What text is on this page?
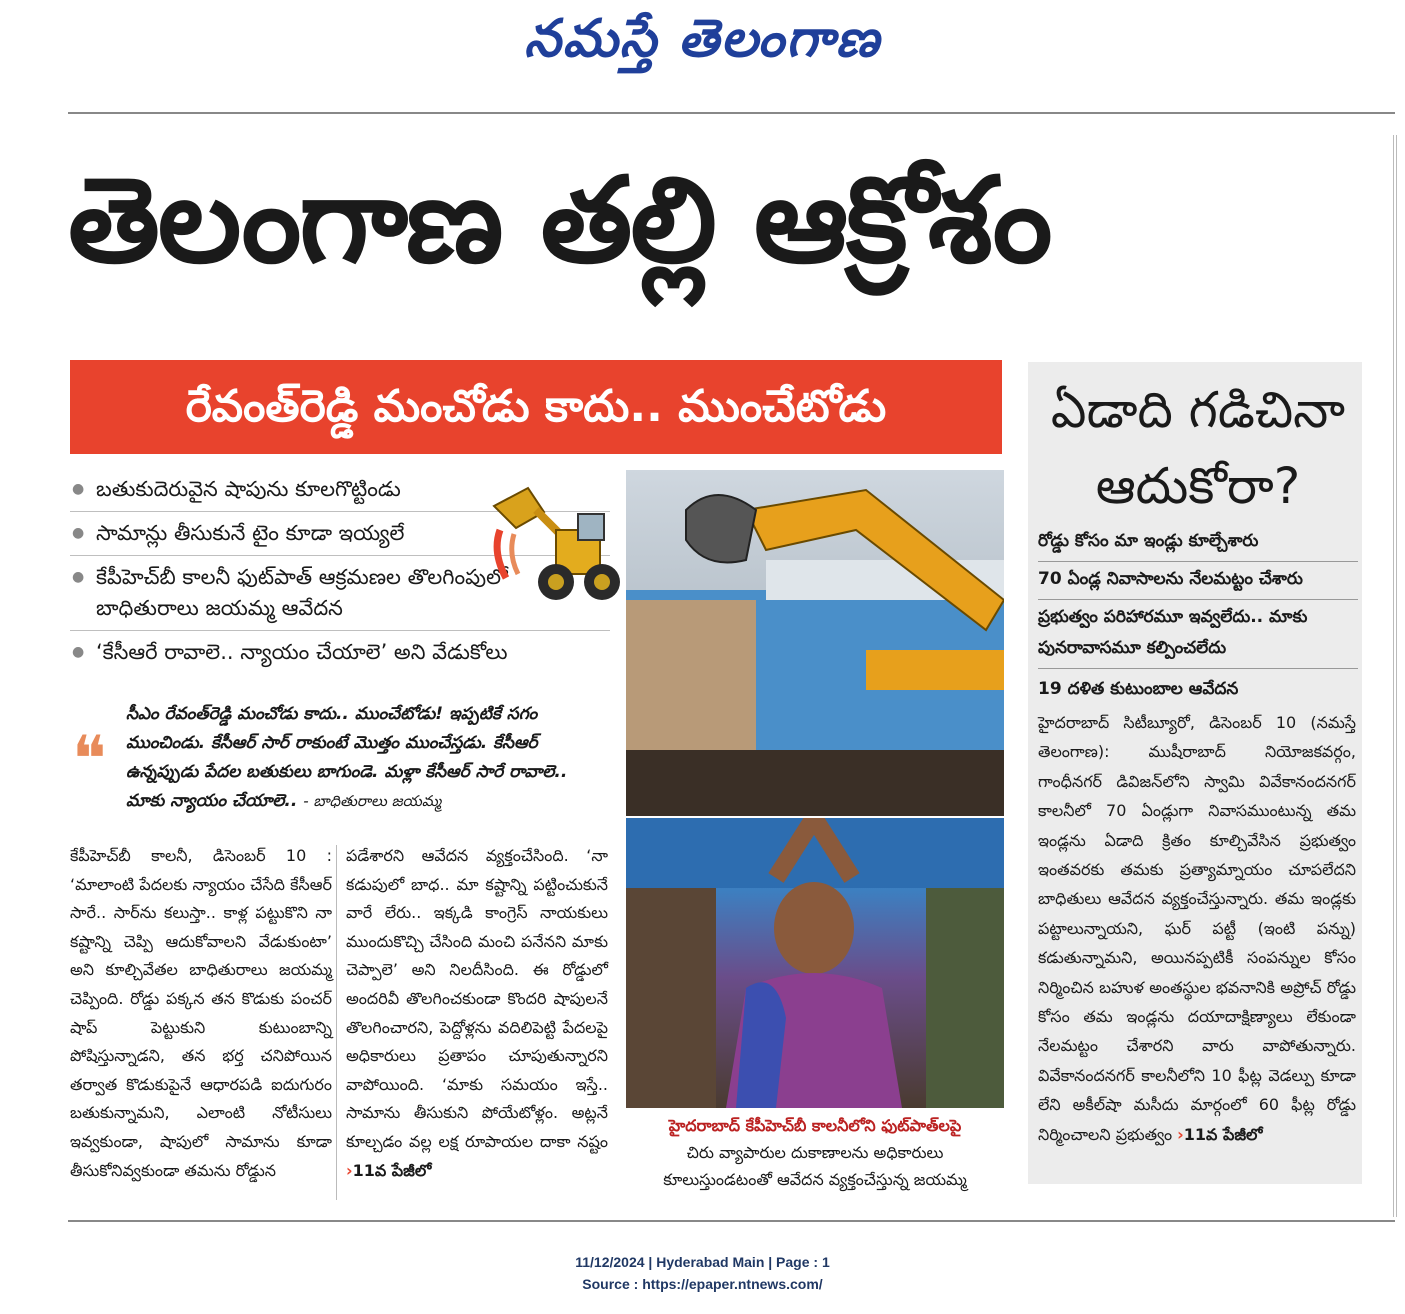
నమస్తే తెలంగాణ
తెలంగాణ తల్లి ఆక్రోశం
రేవంత్‌రెడ్డి మంచోడు కాదు.. ముంచేటోడు
● బతుకుదెరువైన షాపును కూలగొట్టిండు
● సామాన్లు తీసుకునే టైం కూడా ఇయ్యలే
● కేపీహెచ్‌బీ కాలనీ ఫుట్‌పాత్ ఆక్రమణల తొలగింపులో బాధితురాలు జయమ్మ ఆవేదన
● ‘కేసీఆరే రావాలె.. న్యాయం చేయాలె’ అని వేడుకోలు
❝
సీఎం రేవంత్‌రెడ్డి మంచోడు కాదు.. ముంచేటోడు! ఇప్పటికే సగం ముంచిండు. కేసీఆర్ సార్ రాకుంటే మొత్తం ముంచేస్తడు. కేసీఆర్ ఉన్నప్పుడు పేదల బతుకులు బాగుండె. మళ్లా కేసీఆర్ సారే రావాలె.. మాకు న్యాయం చేయాలె.. - బాధితురాలు జయమ్మ
హైదరాబాద్ కేపీహెచ్‌బీ కాలనీలోని ఫుట్‌పాత్‌లపై
చిరు వ్యాపారుల దుకాణాలను అధికారులు
కూలుస్తుండటంతో ఆవేదన వ్యక్తంచేస్తున్న జయమ్మ
కేపీహెచ్‌బీ కాలనీ, డిసెంబర్ 10 : ‘మాలాంటి పేదలకు న్యాయం చేసేది కేసీఆర్ సారే.. సార్‌ను కలుస్తా.. కాళ్ల పట్టుకొని నా కష్టాన్ని చెప్పి ఆదుకోవాలని వేడుకుంటా’ అని కూల్చివేతల బాధితురాలు జయమ్మ చెప్పింది. రోడ్డు పక్కన తన కొడుకు పంచర్ షాప్ పెట్టుకుని కుటుంబాన్ని పోషిస్తున్నాడని, తన భర్త చనిపోయిన తర్వాత కొడుకుపైనే ఆధారపడి ఐదుగురం బతుకున్నామని, ఎలాంటి నోటీసులు ఇవ్వకుండా, షాపులో సామాను కూడా తీసుకోనివ్వకుండా తమను రోడ్డున
పడేశారని ఆవేదన వ్యక్తంచేసింది. ‘నా కడుపులో బాధ.. మా కష్టాన్ని పట్టించుకునే వారే లేరు.. ఇక్కడి కాంగ్రెస్ నాయకులు ముందుకొచ్చి చేసింది మంచి పనేనని మాకు చెప్పాలె’ అని నిలదీసింది. ఈ రోడ్డులో అందరివీ తొలగించకుండా కొందరి షాపులనే తొలగించారని, పెద్దోళ్లను వదిలిపెట్టి పేదలపై అధికారులు ప్రతాపం చూపుతున్నారని వాపోయింది. ‘మాకు సమయం ఇస్తే.. సామాను తీసుకుని పోయేటోళ్లం. అట్లనే కూల్చడం వల్ల లక్ష రూపాయల దాకా నష్టం ›11వ పేజీలో
ఏడాది గడిచినా
ఆదుకోరా?
రోడ్డు కోసం మా ఇండ్లు కూల్చేశారు
70 ఏండ్ల నివాసాలను నేలమట్టం చేశారు
ప్రభుత్వం పరిహారమూ ఇవ్వలేదు.. మాకు పునరావాసమూ కల్పించలేదు
19 దళిత కుటుంబాల ఆవేదన
హైదరాబాద్ సిటీబ్యూరో, డిసెంబర్ 10 (నమస్తే తెలంగాణ): ముషీరాబాద్ నియోజకవర్గం, గాంధీనగర్ డివిజన్‌లోని స్వామి వివేకానందనగర్ కాలనీలో 70 ఏండ్లుగా నివాసముంటున్న తమ ఇండ్లను ఏడాది క్రితం కూల్చివేసిన ప్రభుత్వం ఇంతవరకు తమకు ప్రత్యామ్నాయం చూపలేదని బాధితులు ఆవేదన వ్యక్తంచేస్తున్నారు. తమ ఇండ్లకు పట్టాలున్నాయని, ఘర్ పట్టీ (ఇంటి పన్ను) కడుతున్నామని, అయినప్పటికీ సంపన్నుల కోసం నిర్మించిన బహుళ అంతస్థుల భవనానికి అప్రోచ్ రోడ్డు కోసం తమ ఇండ్లను దయాదాక్షిణ్యాలు లేకుండా నేలమట్టం చేశారని వారు వాపోతున్నారు. వివేకానందనగర్ కాలనీలోని 10 ఫీట్ల వెడల్పు కూడా లేని అకీల్‌షా మసీదు మార్గంలో 60 ఫీట్ల రోడ్డు నిర్మించాలని ప్రభుత్వం ›11వ పేజీలో
11/12/2024 | Hyderabad Main | Page : 1
Source : https://epaper.ntnews.com/
